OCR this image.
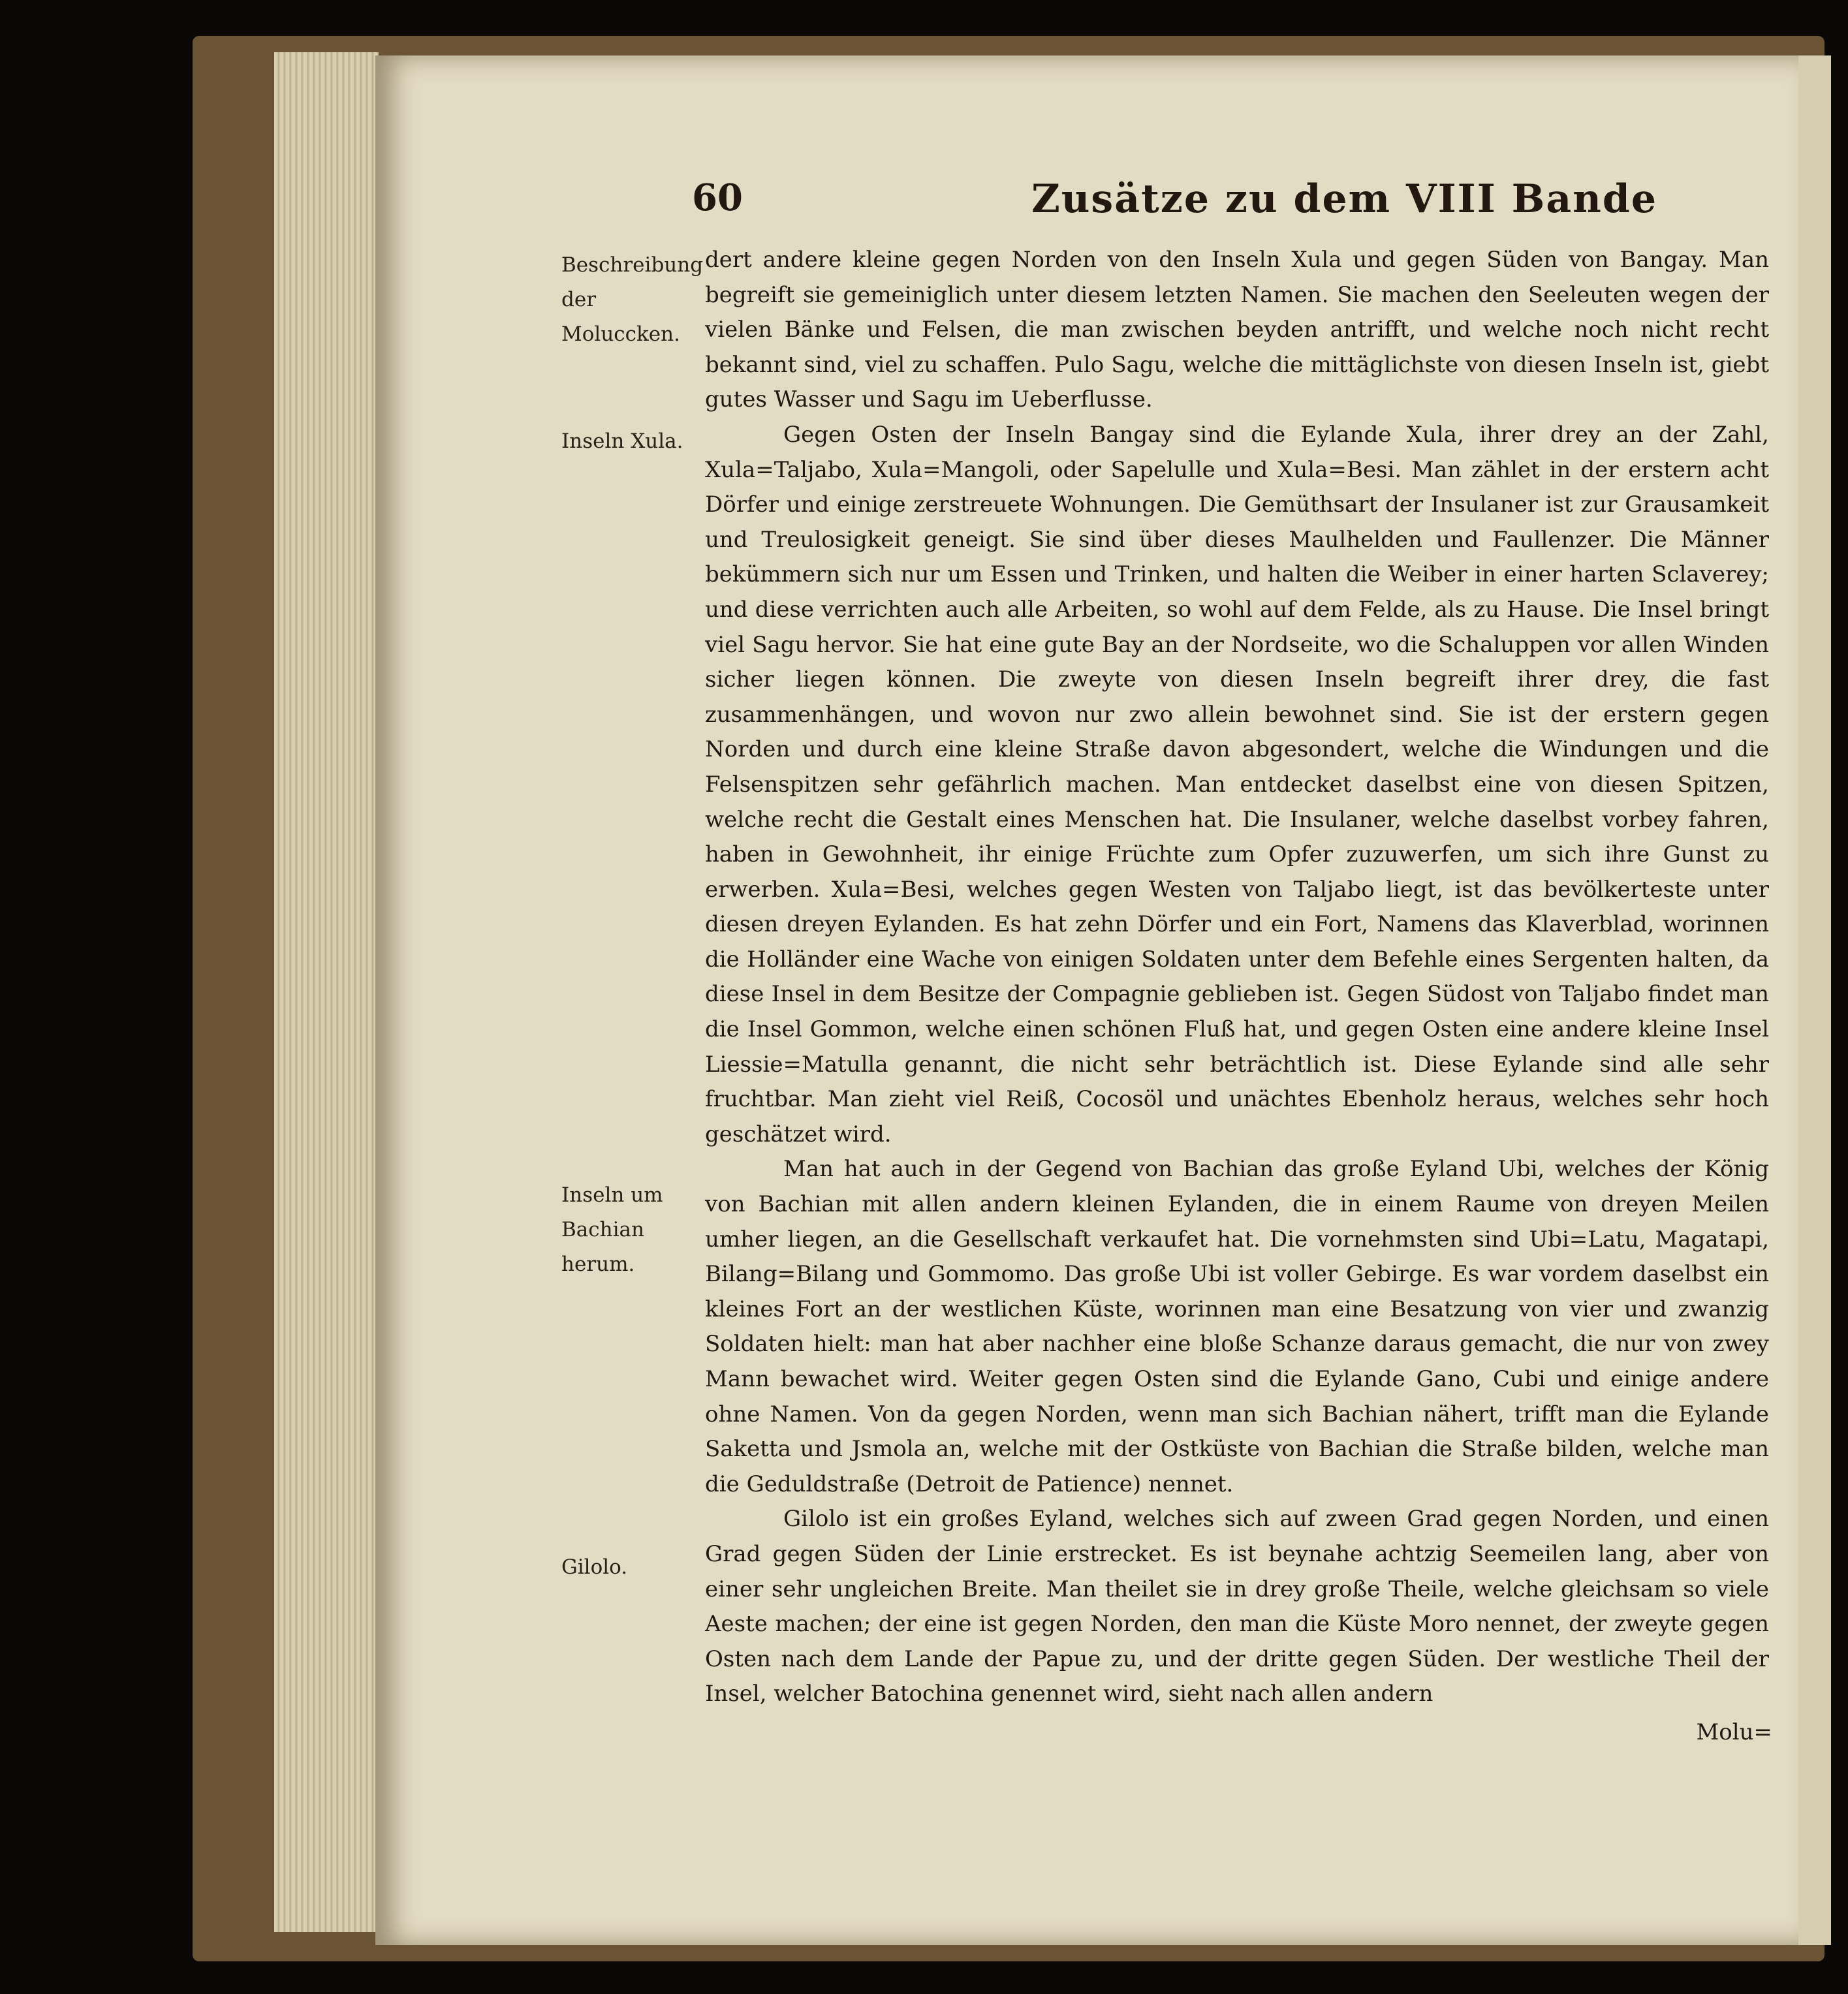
60	Zusätze zu dem VIII Bande
Beschreibung der Moluccken.
Inseln Xula.
Inseln um Bachian herum.
Gilolo.

dert andere kleine gegen Norden von den Inseln Xula und gegen Süden von Bangay. Man begreift sie gemeiniglich unter diesem letzten Namen. Sie machen den Seeleuten wegen der vielen Bänke und Felsen, die man zwischen beyden antrifft, und welche noch nicht recht bekannt sind, viel zu schaffen. Pulo Sagu, welche die mittäglichste von diesen Inseln ist, giebt gutes Wasser und Sagu im Ueberflusse.

Gegen Osten der Inseln Bangay sind die Eylande Xula, ihrer drey an der Zahl, Xula=Taljabo, Xula=Mangoli, oder Sapelulle und Xula=Besi. Man zählet in der erstern acht Dörfer und einige zerstreuete Wohnungen. Die Gemüthsart der Insulaner ist zur Grausamkeit und Treulosigkeit geneigt. Sie sind über dieses Maulhelden und Faullenzer. Die Männer bekümmern sich nur um Essen und Trinken, und halten die Weiber in einer harten Sclaverey; und diese verrichten auch alle Arbeiten, so wohl auf dem Felde, als zu Hause. Die Insel bringt viel Sagu hervor. Sie hat eine gute Bay an der Nordseite, wo die Schaluppen vor allen Winden sicher liegen können. Die zweyte von diesen Inseln begreift ihrer drey, die fast zusammenhängen, und wovon nur zwo allein bewohnet sind. Sie ist der erstern gegen Norden und durch eine kleine Straße davon abgesondert, welche die Windungen und die Felsenspitzen sehr gefährlich machen. Man entdecket daselbst eine von diesen Spitzen, welche recht die Gestalt eines Menschen hat. Die Insulaner, welche daselbst vorbey fahren, haben in Gewohnheit, ihr einige Früchte zum Opfer zuzuwerfen, um sich ihre Gunst zu erwerben. Xula=Besi, welches gegen Westen von Taljabo liegt, ist das bevölkerteste unter diesen dreyen Eylanden. Es hat zehn Dörfer und ein Fort, Namens das Klaverblad, worinnen die Holländer eine Wache von einigen Soldaten unter dem Befehle eines Sergenten halten, da diese Insel in dem Besitze der Compagnie geblieben ist. Gegen Südost von Taljabo findet man die Insel Gommon, welche einen schönen Fluß hat, und gegen Osten eine andere kleine Insel Liessie=Matulla genannt, die nicht sehr beträchtlich ist. Diese Eylande sind alle sehr fruchtbar. Man zieht viel Reiß, Cocosöl und unächtes Ebenholz heraus, welches sehr hoch geschätzet wird.

Man hat auch in der Gegend von Bachian das große Eyland Ubi, welches der König von Bachian mit allen andern kleinen Eylanden, die in einem Raume von dreyen Meilen umher liegen, an die Gesellschaft verkaufet hat. Die vornehmsten sind Ubi=Latu, Magatapi, Bilang=Bilang und Gommomo. Das große Ubi ist voller Gebirge. Es war vordem daselbst ein kleines Fort an der westlichen Küste, worinnen man eine Besatzung von vier und zwanzig Soldaten hielt: man hat aber nachher eine bloße Schanze daraus gemacht, die nur von zwey Mann bewachet wird. Weiter gegen Osten sind die Eylande Gano, Cubi und einige andere ohne Namen. Von da gegen Norden, wenn man sich Bachian nähert, trifft man die Eylande Saketta und Jsmola an, welche mit der Ostküste von Bachian die Straße bilden, welche man die Geduldstraße (Detroit de Patience) nennet.

Gilolo ist ein großes Eyland, welches sich auf zween Grad gegen Norden, und einen Grad gegen Süden der Linie erstrecket. Es ist beynahe achtzig Seemeilen lang, aber von einer sehr ungleichen Breite. Man theilet sie in drey große Theile, welche gleichsam so viele Aeste machen; der eine ist gegen Norden, den man die Küste Moro nennet, der zweyte gegen Osten nach dem Lande der Papue zu, und der dritte gegen Süden. Der westliche Theil der Insel, welcher Batochina genennet wird, sieht nach allen andern

Molu=
